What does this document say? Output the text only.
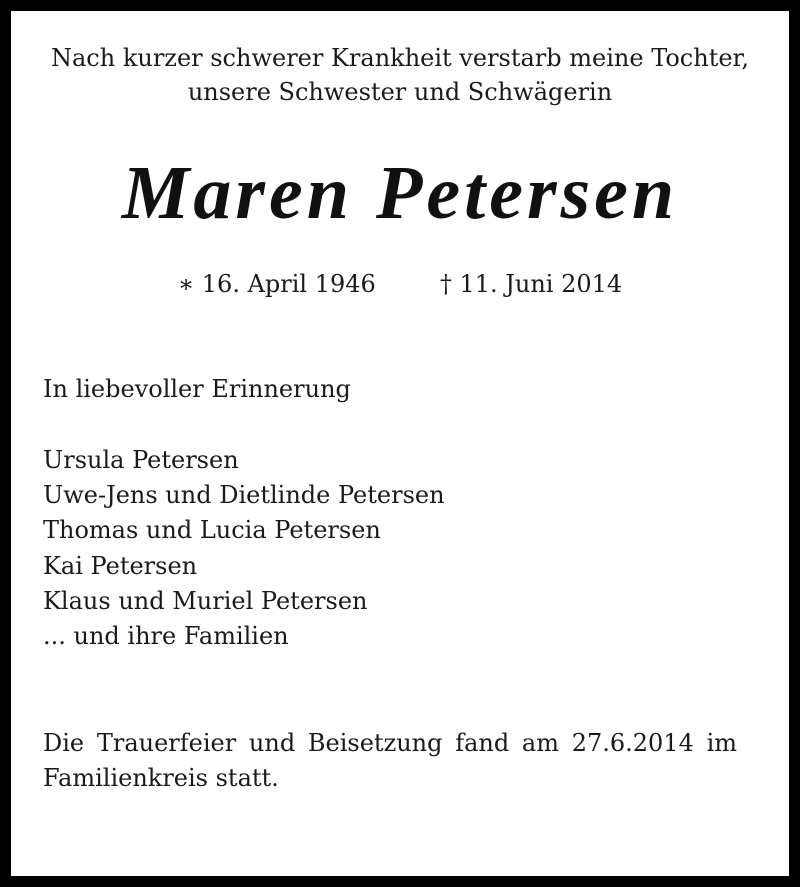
Nach kurzer schwerer Krankheit verstarb meine Tochter,
unsere Schwester und Schwägerin
Maren Petersen
∗ 16. April 1946	† 11. Juni 2014
In liebevoller Erinnerung
Ursula Petersen
Uwe-Jens und Dietlinde Petersen
Thomas und Lucia Petersen
Kai Petersen
Klaus und Muriel Petersen
... und ihre Familien
Die Trauerfeier und Beisetzung fand am 27.6.2014 im Familienkreis statt.
